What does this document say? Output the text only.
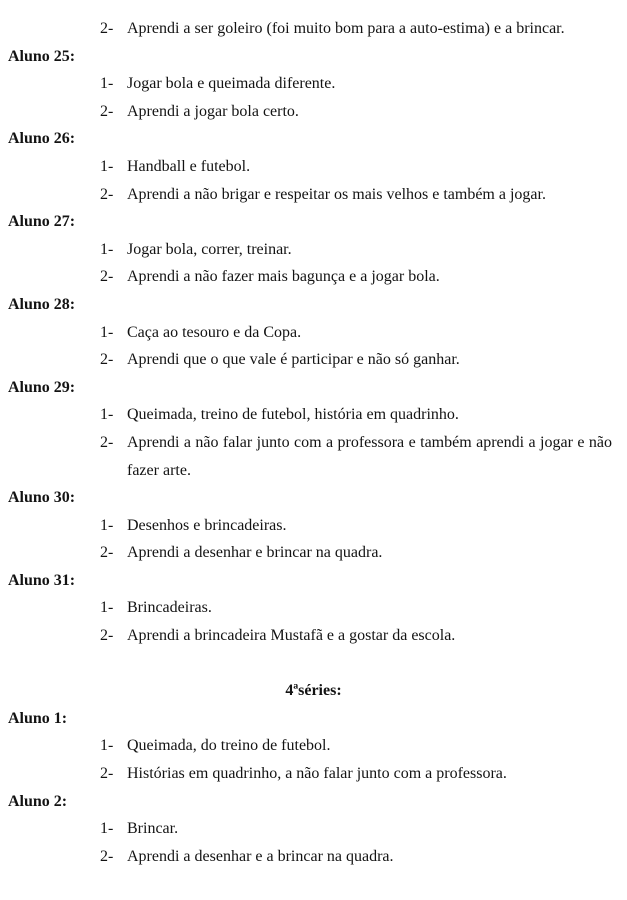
2- Aprendi a ser goleiro (foi muito bom para a auto-estima) e a brincar.

Aluno 25:

1- Jogar bola e queimada diferente.

2- Aprendi a jogar bola certo.

Aluno 26:

1- Handball e futebol.

2- Aprendi a não brigar e respeitar os mais velhos e também a jogar.

Aluno 27:

1- Jogar bola, correr, treinar.

2- Aprendi a não fazer mais bagunça e a jogar bola.

Aluno 28:

1- Caça ao tesouro e da Copa.

2- Aprendi que o que vale é participar e não só ganhar.

Aluno 29:

1- Queimada, treino de futebol, história em quadrinho.

2- Aprendi a não falar junto com a professora e também aprendi a jogar e não fazer arte.

Aluno 30:

1- Desenhos e brincadeiras.

2- Aprendi a desenhar e brincar na quadra.

Aluno 31:

1- Brincadeiras.

2- Aprendi a brincadeira Mustafã e a gostar da escola.

4ªséries:

Aluno 1:

1- Queimada, do treino de futebol.

2- Histórias em quadrinho, a não falar junto com a professora.

Aluno 2:

1- Brincar.

2- Aprendi a desenhar e a brincar na quadra.
